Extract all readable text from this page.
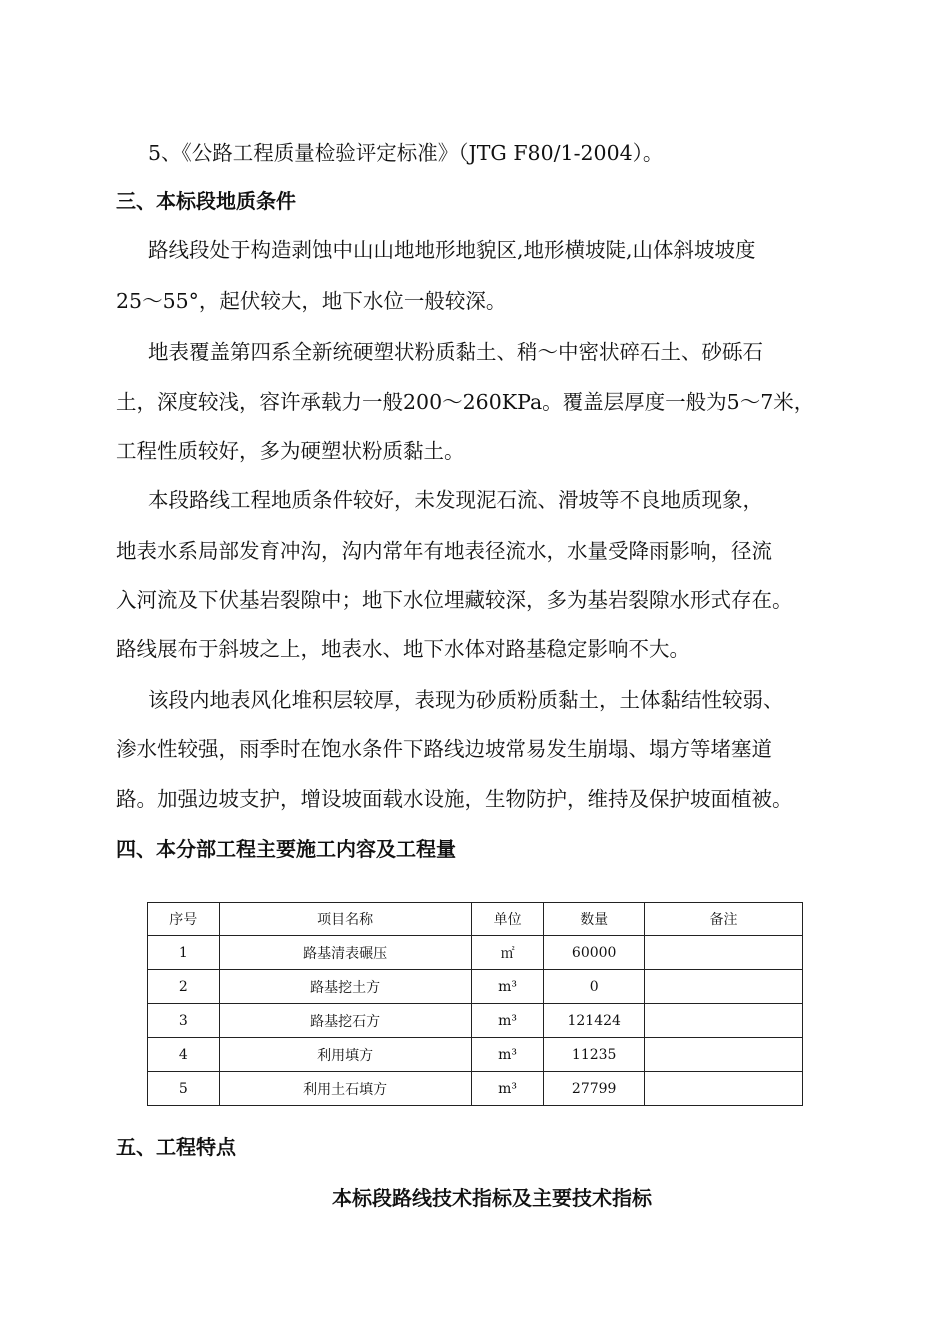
5、《公路工程质量检验评定标准》（JTG F80/1-2004）。
三、本标段地质条件
路线段处于构造剥蚀中山山地地形地貌区,地形横坡陡,山体斜坡坡度
25～55°，起伏较大，地下水位一般较深。
地表覆盖第四系全新统硬塑状粉质黏土、稍～中密状碎石土、砂砾石
土，深度较浅，容许承载力一般200～260KPa。覆盖层厚度一般为5～7米，
工程性质较好，多为硬塑状粉质黏土。
本段路线工程地质条件较好，未发现泥石流、滑坡等不良地质现象，
地表水系局部发育冲沟，沟内常年有地表径流水，水量受降雨影响，径流
入河流及下伏基岩裂隙中；地下水位埋藏较深，多为基岩裂隙水形式存在。
路线展布于斜坡之上，地表水、地下水体对路基稳定影响不大。
该段内地表风化堆积层较厚，表现为砂质粉质黏土，土体黏结性较弱、
渗水性较强，雨季时在饱水条件下路线边坡常易发生崩塌、塌方等堵塞道
路。加强边坡支护，增设坡面载水设施，生物防护，维持及保护坡面植被。
四、本分部工程主要施工内容及工程量
序号	项目名称	单位	数量	备注
1	路基清表碾压	㎡	60000	
2	路基挖土方	m³	0	
3	路基挖石方	m³	121424	
4	利用填方	m³	11235	
5	利用土石填方	m³	27799	
五、工程特点
本标段路线技术指标及主要技术指标
